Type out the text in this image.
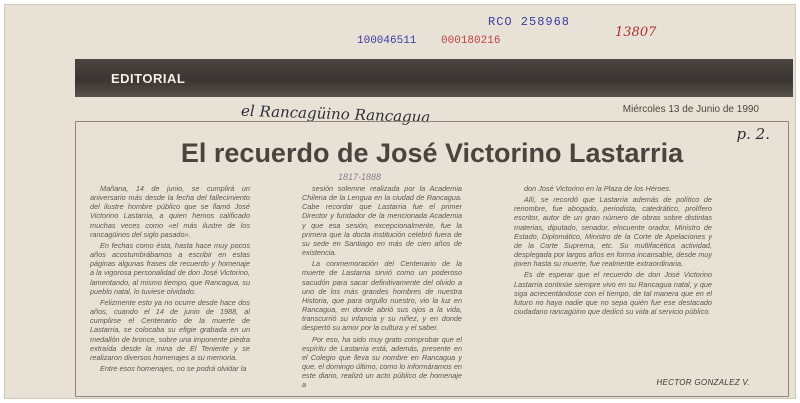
RCO 258968
13807
100046511 000180216
EDITORIAL
el Rancagüino Rancagua	Miércoles 13 de Junio de 1990
p. 2.
El recuerdo de José Victorino Lastarria
1817-1888

Mañana, 14 de junio, se cumplirá un aniversario más desde la fecha del fallecimiento del ilustre hombre público que se llamó José Victorino Lastarria, a quien hemos calificado muchas veces como «el más ilustre de los rancagüinos del siglo pasado».

En fechas como ésta, hasta hace muy pocos años acostumbrábamos a escribir en estas páginas algunas frases de recuerdo y homenaje a la vigorosa personalidad de don José Victorino, lamentando, al mismo tiempo, que Rancagua, su pueblo natal, lo tuviese olvidado.

Felizmente esto ya no ocurre desde hace dos años, cuando el 14 de junio de 1988, al cumplirse el Centenario de la muerte de Lastarria, se colocaba su efigie grabada en un medallón de bronce, sobre una imponente piedra extraída desde la mina de El Teniente y se realizaron diversos homenajes a su memoria.

Entre esos homenajes, no se podrá olvidar la

sesión solemne realizada por la Academia Chilena de la Lengua en la ciudad de Rancagua. Cabe recordar que Lastarria fue el primer Director y fundador de la mencionada Academia y que esa sesión, excepcionalmente, fue la primera que la docta institución celebró fuera de su sede en Santiago en más de cien años de existencia.

La conmemoración del Centenario de la muerte de Lastarria sirvió como un poderoso sacudón para sacar definitivamente del olvido a uno de los más grandes hombres de nuestra Historia, que para orgullo nuestro, vio la luz en Rancagua, en donde abrió sus ojos a la vida, transcurrió su infancia y su niñez, y en donde despertó su amor por la cultura y el saber.

Por eso, ha sido muy grato comprobar que el espíritu de Lastarria está, además, presente en el Colegio que lleva su nombre en Rancagua y que, el domingo último, como lo informáramos en este diario, realizó un acto público de homenaje a

don José Victorino en la Plaza de los Héroes.

Allí, se recordó que Lastarria además de político de renombre, fue abogado, periodista, catedrático, prolífero escritor, autor de un gran número de obras sobre distintas materias, diputado, senador, elocuente orador, Ministro de Estado, Diplomático, Ministro de la Corte de Apelaciones y de la Corte Suprema, etc. Su multifacética actividad, desplegada por largos años en forma incansable, desde muy joven hasta su muerte, fue realmente extraordinaria.

Es de esperar que el recuerdo de don José Victorino Lastarria continúe siempre vivo en su Rancagua natal, y que siga acrecentándose con el tiempo, de tal manera que en el futuro no haya nadie que no sepa quién fue ese destacado ciudadano rancagüino que dedicó su vida al servicio público.

HECTOR GONZALEZ V.
